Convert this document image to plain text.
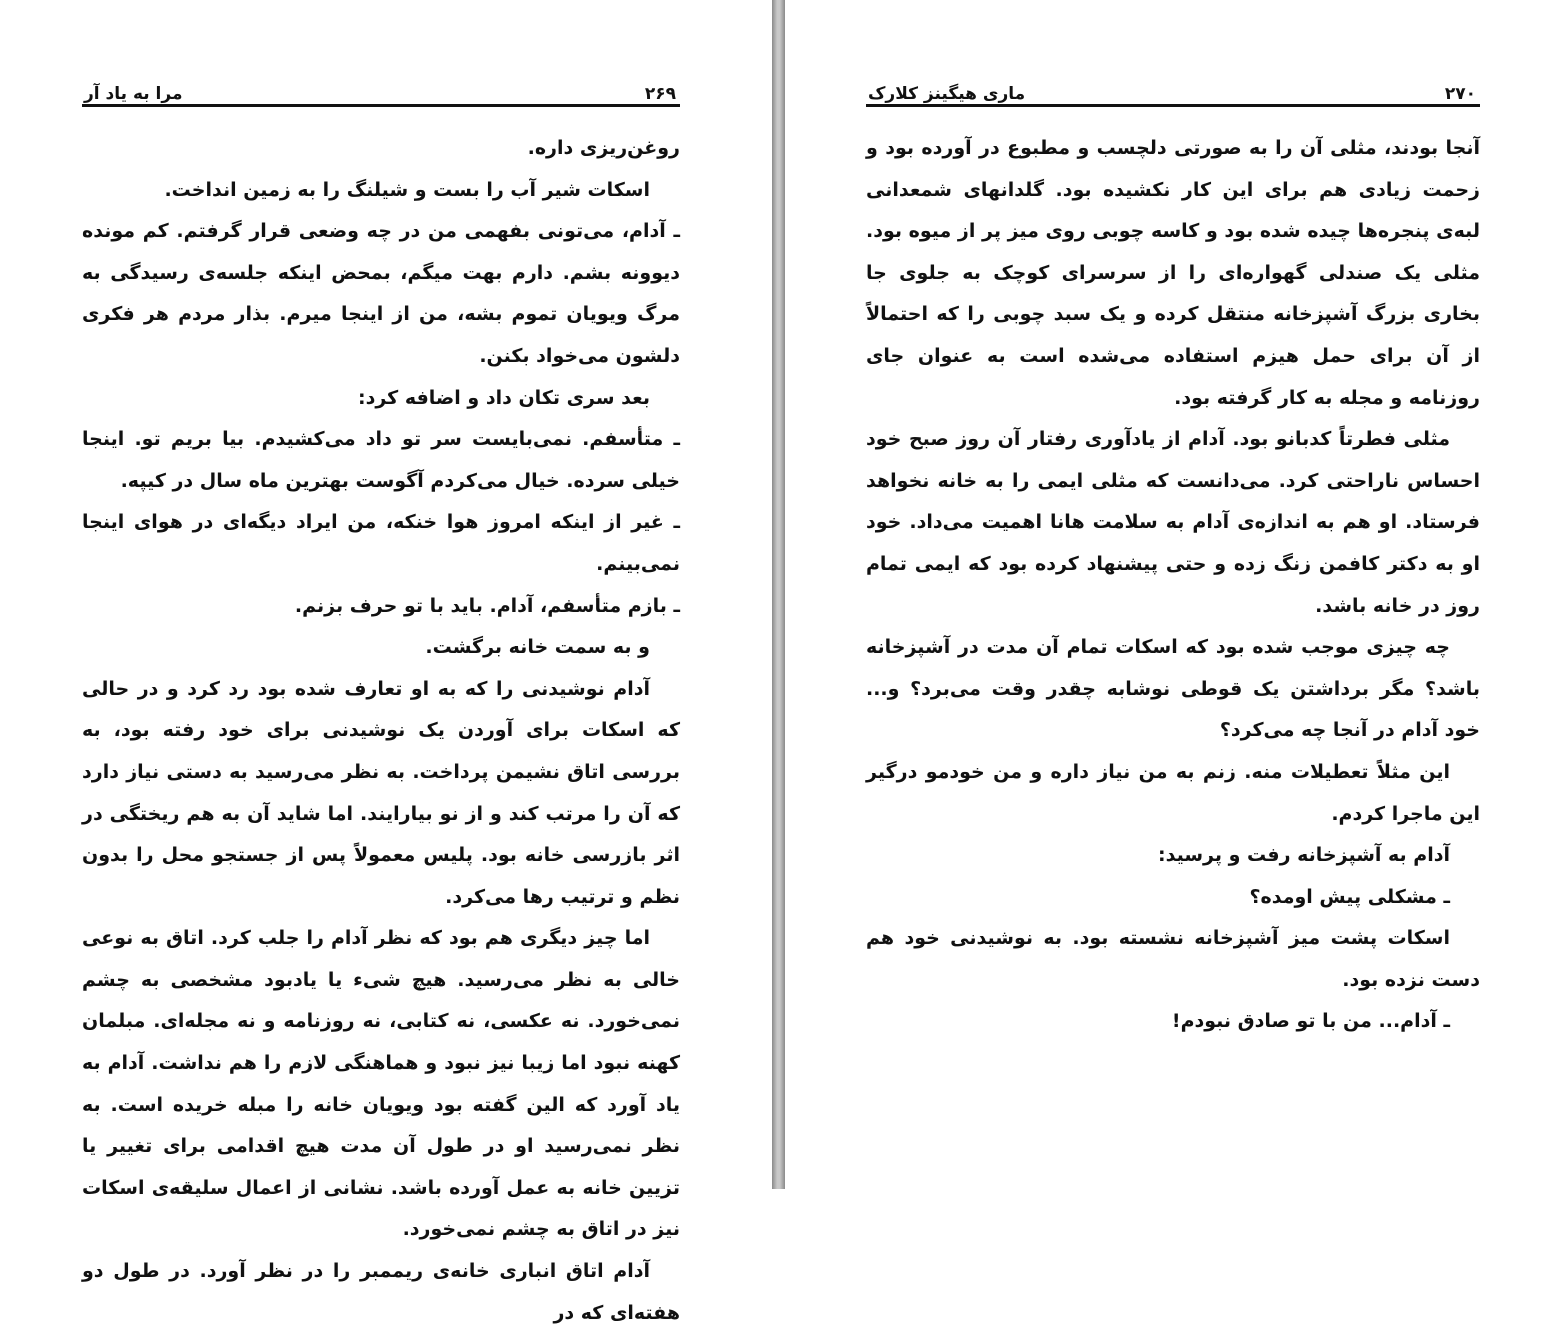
۲۶۹
مرا به یاد آر

روغن‌ریزی داره.

اسکات شیر آب را بست و شیلنگ را به زمین انداخت.

ـ آدام، می‌تونی بفهمی من در چه وضعی قرار گرفتم. کم مونده دیوونه بشم. دارم بهت میگم، بمحض اینکه جلسه‌ی رسیدگی به مرگ ویویان تموم بشه، من از اینجا میرم. بذار مردم هر فکری دلشون می‌خواد بکنن.

بعد سری تکان داد و اضافه کرد:

ـ متأسفم. نمی‌بایست سر تو داد می‌کشیدم. بیا بریم تو. اینجا خیلی سرده. خیال می‌کردم آگوست بهترین ماه سال در کیپه.

ـ غیر از اینکه امروز هوا خنکه، من ایراد دیگه‌ای در هوای اینجا نمی‌بینم.

ـ بازم متأسفم، آدام. باید با تو حرف بزنم.

و به سمت خانه برگشت.

آدام نوشیدنی را که به او تعارف شده بود رد کرد و در حالی که اسکات برای آوردن یک نوشیدنی برای خود رفته بود، به بررسی اتاق نشیمن پرداخت. به نظر می‌رسید به دستی نیاز دارد که آن را مرتب کند و از نو بیارایند. اما شاید آن به هم ریختگی در اثر بازرسی خانه بود. پلیس معمولاً پس از جستجو محل را بدون نظم و ترتیب رها می‌کرد.

اما چیز دیگری هم بود که نظر آدام را جلب کرد. اتاق به نوعی خالی به نظر می‌رسید. هیچ شیء یا یادبود مشخصی به چشم نمی‌خورد. نه عکسی، نه کتابی، نه روزنامه و نه مجله‌ای. مبلمان کهنه نبود اما زیبا نیز نبود و هماهنگی لازم را هم نداشت. آدام به یاد آورد که الین گفته بود ویویان خانه را مبله خریده است. به نظر نمی‌رسید او در طول آن مدت هیچ اقدامی برای تغییر یا تزیین خانه به عمل آورده باشد. نشانی از اعمال سلیقه‌ی اسکات نیز در اتاق به چشم نمی‌خورد.

آدام اتاق انباری خانه‌ی ریممبر را در نظر آورد. در طول دو هفته‌ای که در

۲۷۰
ماری هیگینز کلارک

آنجا بودند، مثلی آن را به صورتی دلچسب و مطبوع در آورده بود و زحمت زیادی هم برای این کار نکشیده بود. گلدانهای شمعدانی لبه‌ی پنجره‌ها چیده شده بود و کاسه چوبی روی میز پر از میوه بود. مثلی یک صندلی گهواره‌ای را از سرسرای کوچک به جلوی جا بخاری بزرگ آشپزخانه منتقل کرده و یک سبد چوبی را که احتمالاً از آن برای حمل هیزم استفاده می‌شده است به عنوان جای روزنامه و مجله به کار گرفته بود.

مثلی فطرتاً کدبانو بود. آدام از یادآوری رفتار آن روز صبح خود احساس ناراحتی کرد. می‌دانست که مثلی ایمی را به خانه نخواهد فرستاد. او هم به اندازه‌ی آدام به سلامت هانا اهمیت می‌داد. خود او به دکتر کافمن زنگ زده و حتی پیشنهاد کرده بود که ایمی تمام روز در خانه باشد.

چه چیزی موجب شده بود که اسکات تمام آن مدت در آشپزخانه باشد؟ مگر برداشتن یک قوطی نوشابه چقدر وقت می‌برد؟ و... خود آدام در آنجا چه می‌کرد؟

این مثلاً تعطیلات منه. زنم به من نیاز داره و من خودمو درگیر این ماجرا کردم.

آدام به آشپزخانه رفت و پرسید:

ـ مشکلی پیش اومده؟

اسکات پشت میز آشپزخانه نشسته بود. به نوشیدنی خود هم دست نزده بود.

ـ آدام... من با تو صادق نبودم!
